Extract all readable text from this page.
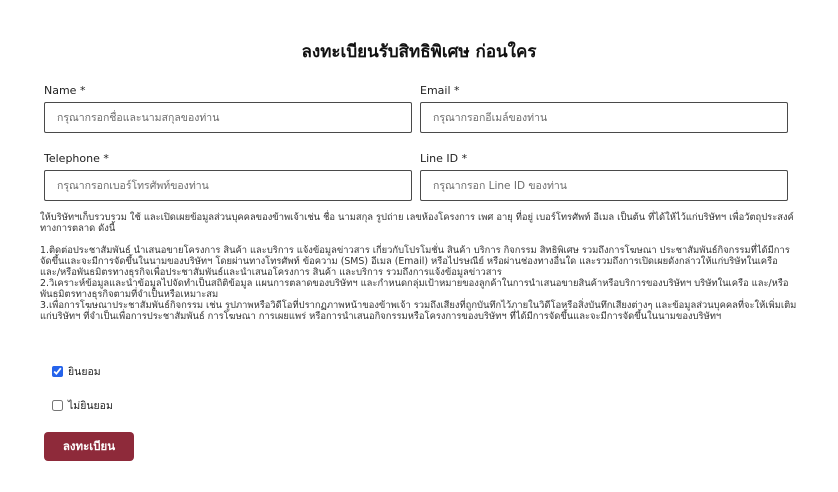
ลงทะเบียนรับสิทธิพิเศษ ก่อนใคร
Name *
กรุณากรอกชื่อและนามสกุลของท่าน	Email *
กรุณากรอกอีเมล์ของท่าน
Telephone *
กรุณากรอกเบอร์โทรศัพท์ของท่าน	Line ID *
กรุณากรอก Line ID ของท่าน

ให้บริษัทฯเก็บรวบรวม ใช้ และเปิดเผยข้อมูลส่วนบุคคลของข้าพเจ้าเช่น ชื่อ นามสกุล รูปถ่าย เลขห้องโครงการ เพศ อายุ ที่อยู่ เบอร์โทรศัพท์ อีเมล เป็นต้น ที่ได้ให้ไว้แก่บริษัทฯ เพื่อวัตถุประสงค์ทางการตลาด ดังนี้

1.ติดต่อประชาสัมพันธ์ นำเสนอขายโครงการ สินค้า และบริการ แจ้งข้อมูลข่าวสาร เกี่ยวกับโปรโมชั่น สินค้า บริการ กิจกรรม สิทธิพิเศษ รวมถึงการโฆษณา ประชาสัมพันธ์กิจกรรมที่ได้มีการจัดขึ้นและจะมีการจัดขึ้นในนามของบริษัทฯ โดยผ่านทางโทรศัพท์ ข้อความ (SMS) อีเมล (Email) หรือไปรษณีย์ หรือผ่านช่องทางอื่นใด และรวมถึงการเปิดเผยดังกล่าวให้แก่บริษัทในเครือ และ/หรือพันธมิตรทางธุรกิจเพื่อประชาสัมพันธ์และนำเสนอโครงการ สินค้า และบริการ รวมถึงการแจ้งข้อมูลข่าวสาร

2.วิเคราะห์ข้อมูลและนำข้อมูลไปจัดทำเป็นสถิติข้อมูล แผนการตลาดของบริษัทฯ และกำหนดกลุ่มเป้าหมายของลูกค้าในการนำเสนอขายสินค้าหรือบริการของบริษัทฯ บริษัทในเครือ และ/หรือพันธมิตรทางธุรกิจตามที่จำเป็นหรือเหมาะสม

3.เพื่อการโฆษณาประชาสัมพันธ์กิจกรรม เช่น รูปภาพหรือวิดีโอที่ปรากฏภาพหน้าของข้าพเจ้า รวมถึงเสียงที่ถูกบันทึกไว้ภายในวิดีโอหรือสิ่งบันทึกเสียงต่างๆ และข้อมูลส่วนบุคคลที่จะให้เพิ่มเติมแก่บริษัทฯ ที่จำเป็นเพื่อการประชาสัมพันธ์ การโฆษณา การเผยแพร่ หรือการนำเสนอกิจกรรมหรือโครงการของบริษัทฯ ที่ได้มีการจัดขึ้นและจะมีการจัดขึ้นในนามของบริษัทฯ

ยินยอม
ไม่ยินยอม
ลงทะเบียน
